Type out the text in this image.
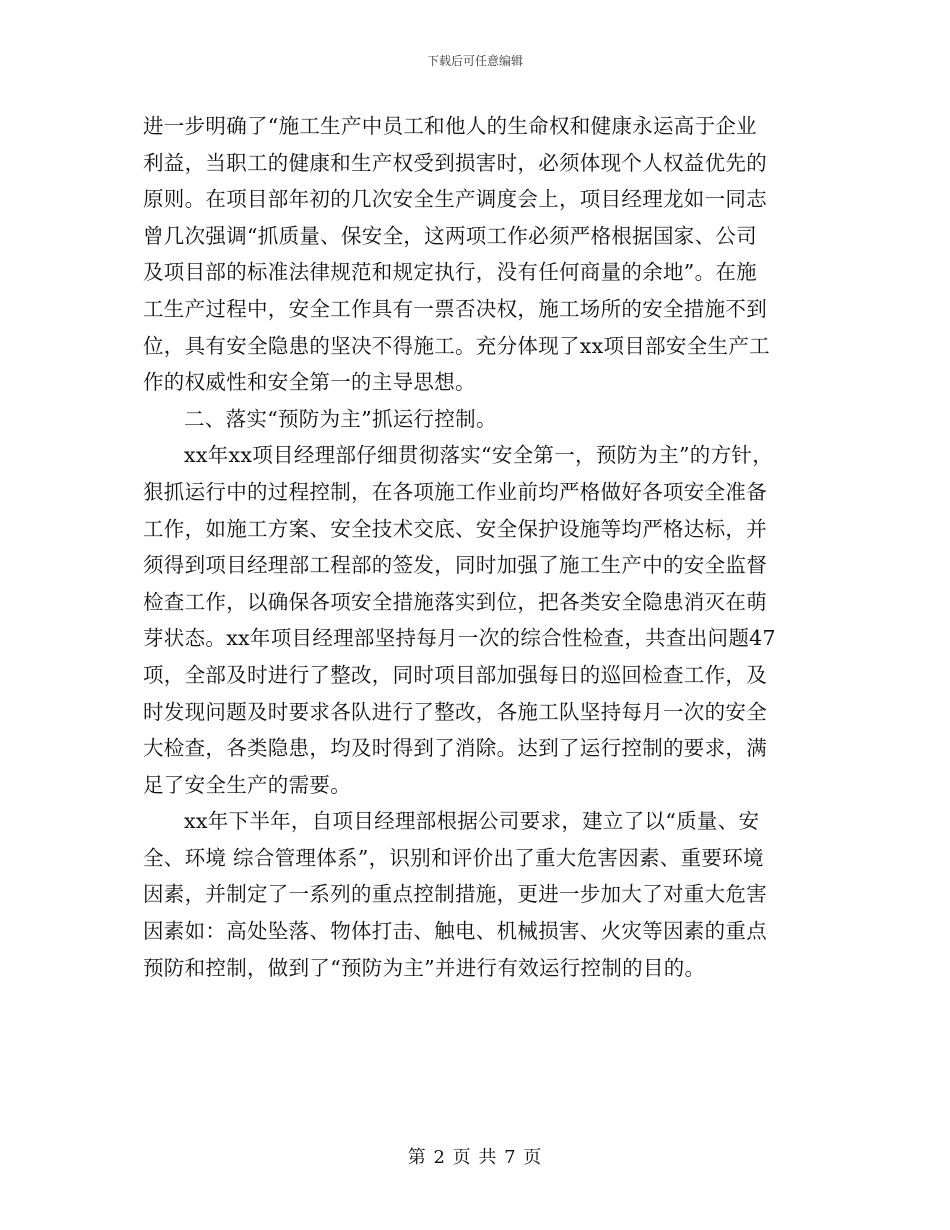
下载后可任意编辑
进一步明确了“施工生产中员工和他人的生命权和健康永运高于企业
利益，当职工的健康和生产权受到损害时，必须体现个人权益优先的
原则。在项目部年初的几次安全生产调度会上，项目经理龙如一同志
曾几次强调“抓质量、保安全，这两项工作必须严格根据国家、公司
及项目部的标准法律规范和规定执行，没有任何商量的余地”。在施
工生产过程中，安全工作具有一票否决权，施工场所的安全措施不到
位，具有安全隐患的坚决不得施工。充分体现了xx项目部安全生产工
作的权威性和安全第一的主导思想。
二、落实“预防为主”抓运行控制。
xx年xx项目经理部仔细贯彻落实“安全第一，预防为主”的方针，
狠抓运行中的过程控制，在各项施工作业前均严格做好各项安全准备
工作，如施工方案、安全技术交底、安全保护设施等均严格达标，并
须得到项目经理部工程部的签发，同时加强了施工生产中的安全监督
检查工作，以确保各项安全措施落实到位，把各类安全隐患消灭在萌
芽状态。xx年项目经理部坚持每月一次的综合性检查，共查出问题47
项，全部及时进行了整改，同时项目部加强每日的巡回检查工作，及
时发现问题及时要求各队进行了整改，各施工队坚持每月一次的安全
大检查，各类隐患，均及时得到了消除。达到了运行控制的要求，满
足了安全生产的需要。
xx年下半年，自项目经理部根据公司要求，建立了以“质量、安
全、环境 综合管理体系”，识别和评价出了重大危害因素、重要环境
因素，并制定了一系列的重点控制措施，更进一步加大了对重大危害
因素如：高处坠落、物体打击、触电、机械损害、火灾等因素的重点
预防和控制，做到了“预防为主”并进行有效运行控制的目的。
第 2 页 共 7 页
